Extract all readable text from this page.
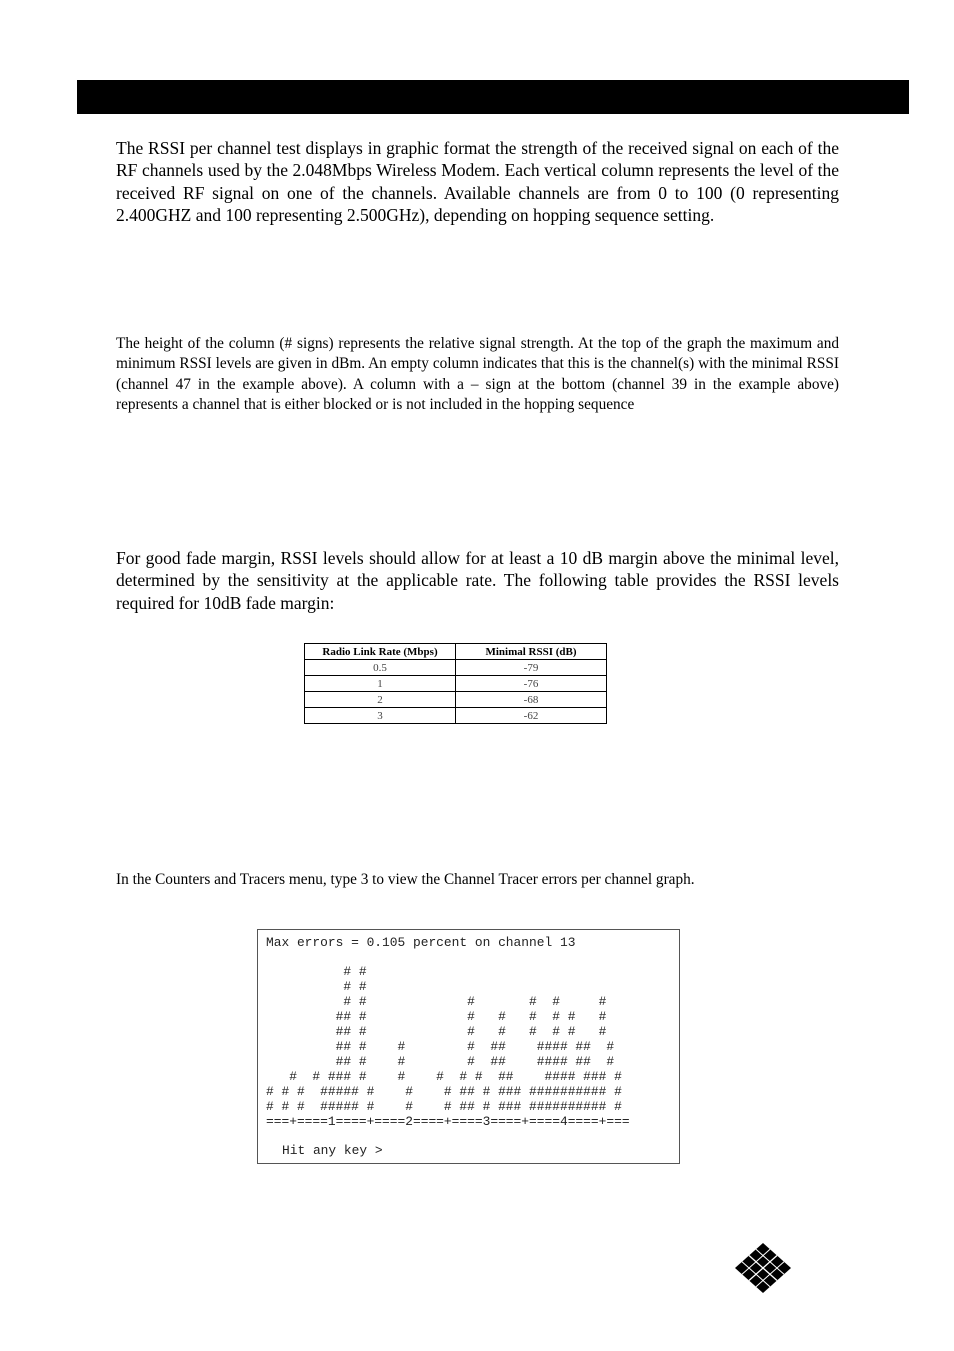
The RSSI per channel test displays in graphic format the strength of the received signal on each of the RF channels used by the 2.048Mbps Wireless Modem. Each vertical column represents the level of the received RF signal on one of the channels. Available channels are from 0 to 100 (0 representing 2.400GHZ and 100 representing 2.500GHz), depending on hopping sequence setting.

The height of the column (# signs) represents the relative signal strength. At the top of the graph the maximum and minimum RSSI levels are given in dBm. An empty column indicates that this is the channel(s) with the minimal RSSI (channel 47 in the example above). A column with a – sign at the bottom (channel 39 in the example above) represents a channel that is either blocked or is not included in the hopping sequence

For good fade margin, RSSI levels should allow for at least a 10 dB margin above the minimal level, determined by the sensitivity at the applicable rate. The following table provides the RSSI levels required for 10dB fade margin:

Radio Link Rate (Mbps)	Minimal RSSI (dB)
0.5	-79
1	-76
2	-68
3	-62

In the Counters and Tracers menu, type 3 to view the Channel Tracer errors per channel graph.

Max errors = 0.105 percent on channel 13
# #
# #
# #             #       #  #     #
## #             #   #   #  # #   #
## #             #   #   #  # #   #
## #    #        #  ##    #### ##  #
## #    #        #  ##    #### ##  #
#  # ### #    #    #  # #  ##    #### ### #
# # #  ##### #    #    # ## # ### ########## #
# # #  ##### #    #    # ## # ### ########## #
===+====1====+====2====+====3====+====4====+===
Hit any key >
